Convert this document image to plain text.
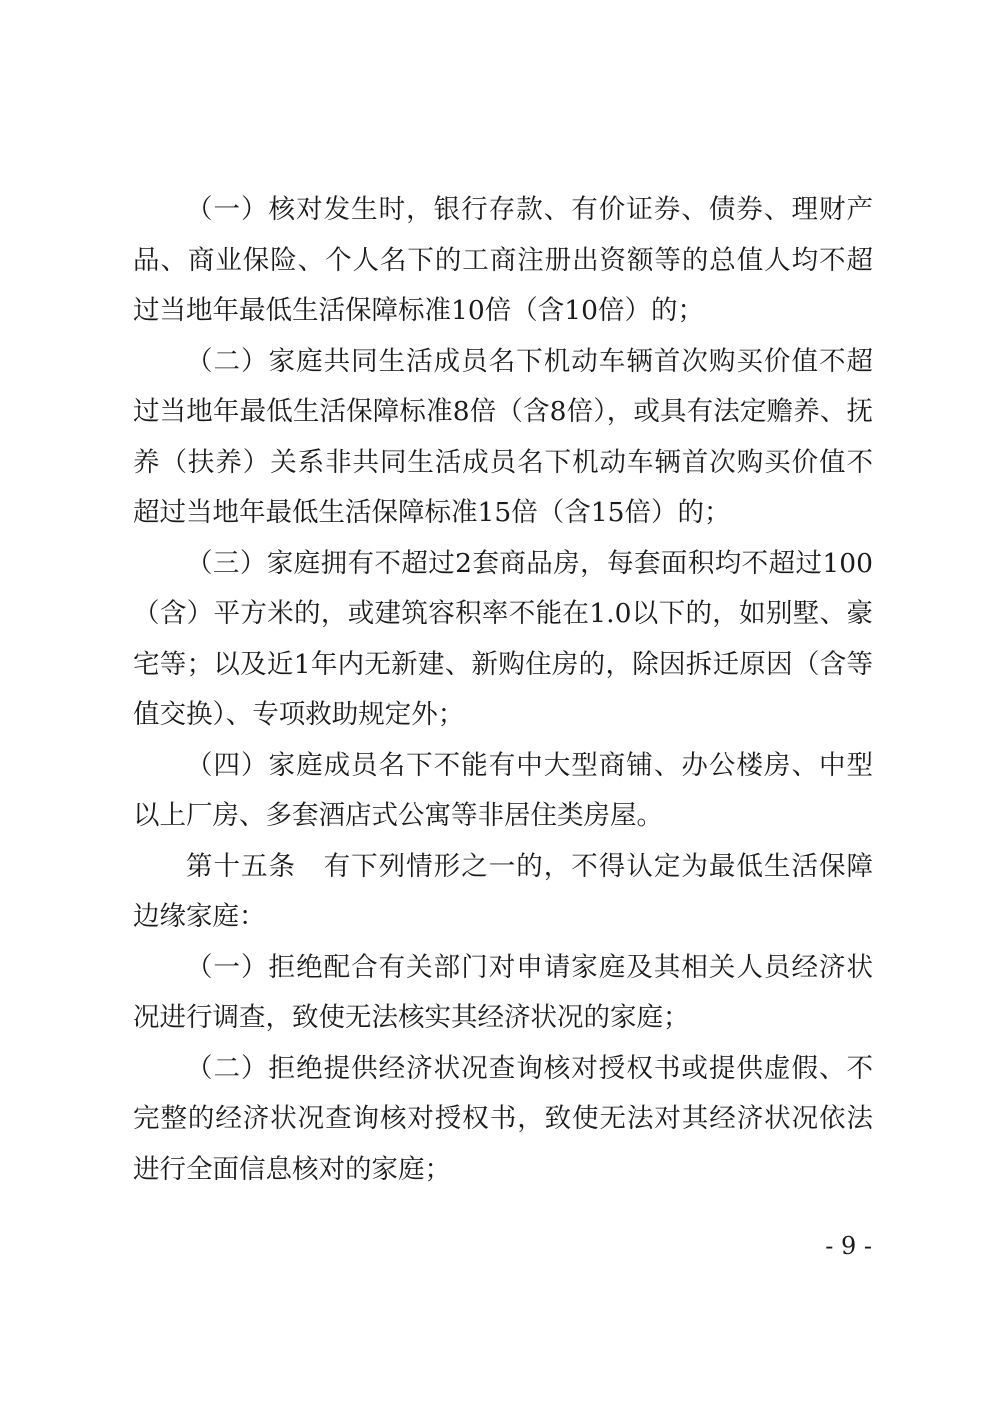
（一）核对发生时，银行存款、有价证券、债券、理财产品、商业保险、个人名下的工商注册出资额等的总值人均不超过当地年最低生活保障标准10倍（含10倍）的；

（二）家庭共同生活成员名下机动车辆首次购买价值不超过当地年最低生活保障标准8倍（含8倍），或具有法定赡养、抚养（扶养）关系非共同生活成员名下机动车辆首次购买价值不超过当地年最低生活保障标准15倍（含15倍）的；

（三）家庭拥有不超过2套商品房，每套面积均不超过100（含）平方米的，或建筑容积率不能在1.0以下的，如别墅、豪宅等；以及近1年内无新建、新购住房的，除因拆迁原因（含等值交换）、专项救助规定外；

（四）家庭成员名下不能有中大型商铺、办公楼房、中型以上厂房、多套酒店式公寓等非居住类房屋。

第十五条　有下列情形之一的，不得认定为最低生活保障边缘家庭：

（一）拒绝配合有关部门对申请家庭及其相关人员经济状况进行调查，致使无法核实其经济状况的家庭；

（二）拒绝提供经济状况查询核对授权书或提供虚假、不完整的经济状况查询核对授权书，致使无法对其经济状况依法进行全面信息核对的家庭；

- 9 -
